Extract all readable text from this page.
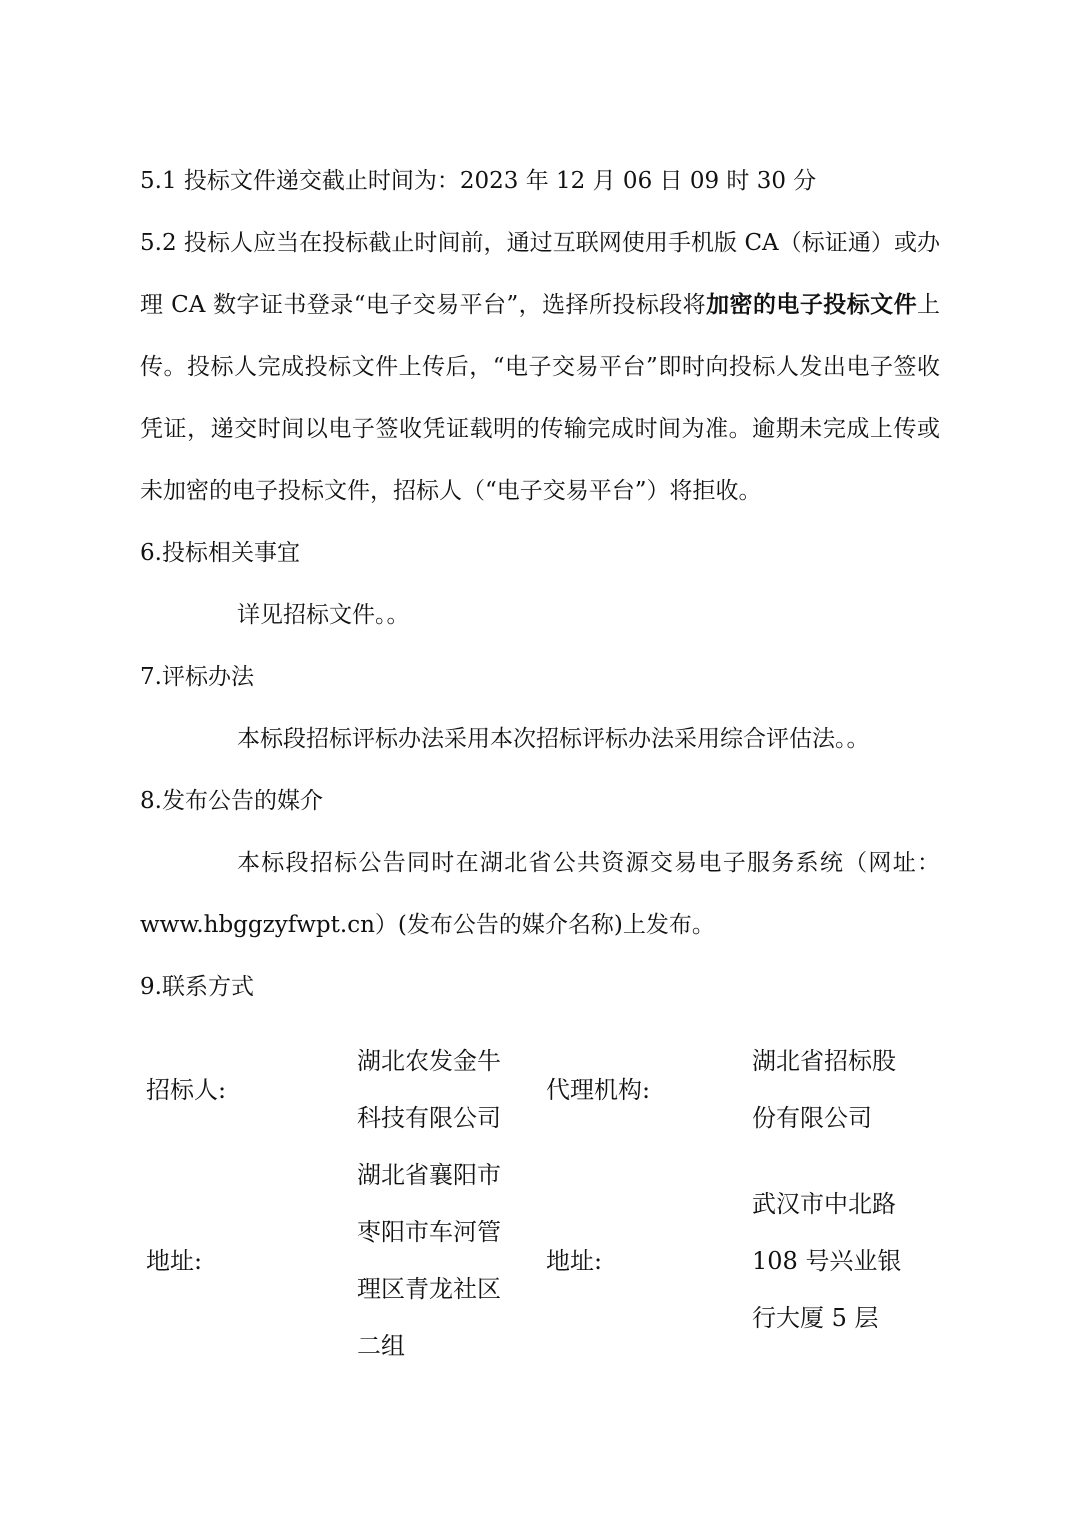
5.1 投标文件递交截止时间为：2023 年 12 月 06 日 09 时 30 分
5.2 投标人应当在投标截止时间前，通过互联网使用手机版 CA（标证通）或办理 CA 数字证书登录“电子交易平台”，选择所投标段将加密的电子投标文件上传。投标人完成投标文件上传后，“电子交易平台”即时向投标人发出电子签收凭证，递交时间以电子签收凭证载明的传输完成时间为准。逾期未完成上传或未加密的电子投标文件，招标人（“电子交易平台”）将拒收。
6.投标相关事宜
详见招标文件。。
7.评标办法
本标段招标评标办法采用本次招标评标办法采用综合评估法。。
8.发布公告的媒介
本标段招标公告同时在湖北省公共资源交易电子服务系统（网址：www.hbggzyfwpt.cn）(发布公告的媒介名称)上发布。
9.联系方式
招标人:	湖北农发金牛科技有限公司	代理机构:	湖北省招标股份有限公司

地址:	湖北省襄阳市枣阳市车河管理区青龙社区二组	地址:	武汉市中北路 108 号兴业银行大厦 5 层
